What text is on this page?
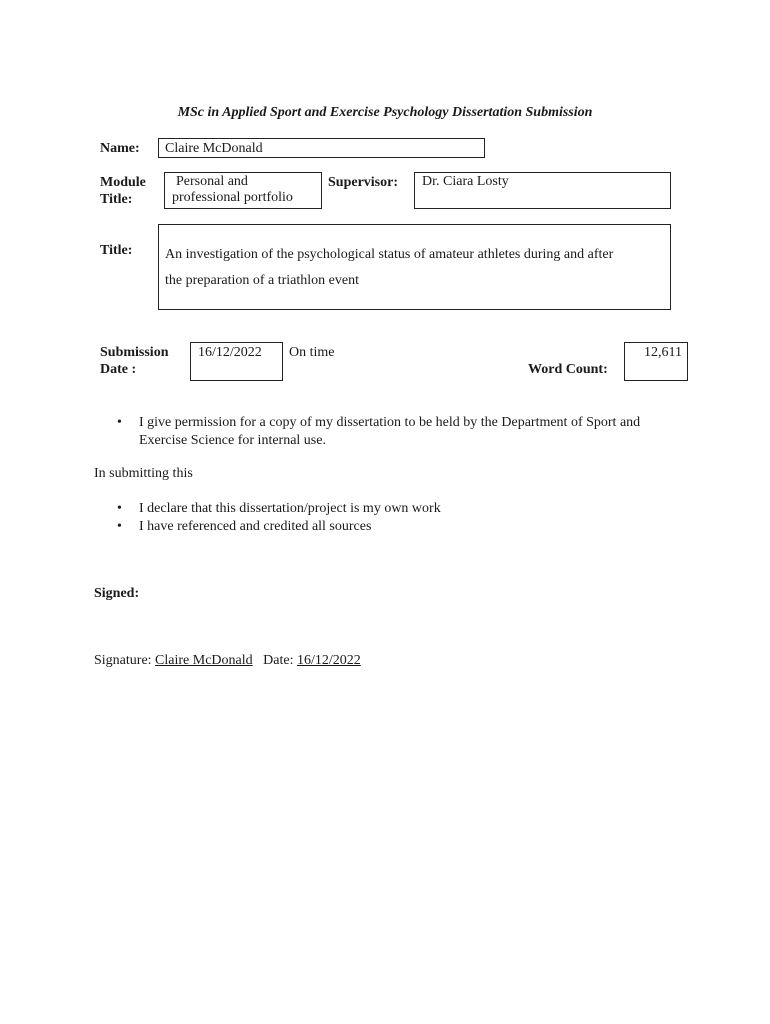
MSc in Applied Sport and Exercise Psychology Dissertation Submission
Name:	Claire McDonald
Module
Title:
Personal and
professional portfolio
Supervisor:	Dr. Ciara Losty
Title:	An investigation of the psychological status of amateur athletes during and after
the preparation of a triathlon event
Submission
Date :
16/12/2022	On time
Word Count:
12,611
• I give permission for a copy of my dissertation to be held by the Department of Sport and
Exercise Science for internal use.
In submitting this
• I declare that this dissertation/project is my own work
• I have referenced and credited all sources
Signed:
Signature: Claire McDonald Date: 16/12/2022
